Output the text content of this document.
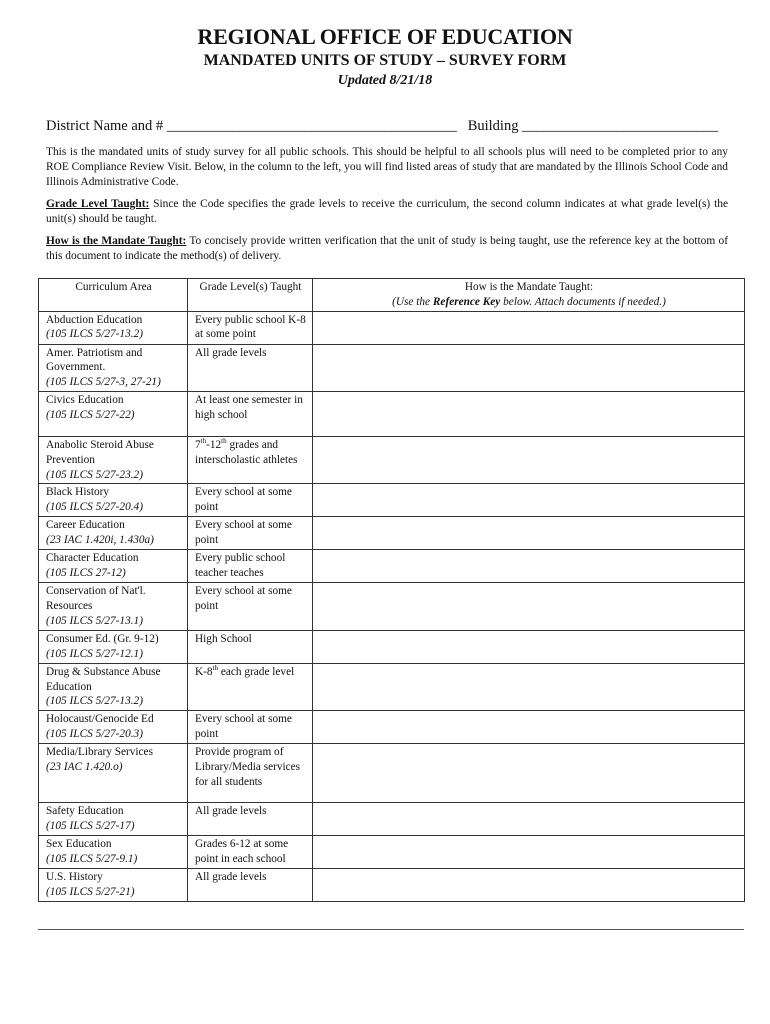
REGIONAL OFFICE OF EDUCATION
MANDATED UNITS OF STUDY – SURVEY FORM
Updated 8/21/18
District Name and # ________________________________________ Building ___________________________

This is the mandated units of study survey for all public schools. This should be helpful to all schools plus will need to be completed prior to any ROE Compliance Review Visit. Below, in the column to the left, you will find listed areas of study that are mandated by the Illinois School Code and Illinois Administrative Code.

Grade Level Taught: Since the Code specifies the grade levels to receive the curriculum, the second column indicates at what grade level(s) the unit(s) should be taught.

How is the Mandate Taught: To concisely provide written verification that the unit of study is being taught, use the reference key at the bottom of this document to indicate the method(s) of delivery.

Curriculum Area	Grade Level(s) Taught	How is the Mandate Taught:
(Use the Reference Key below. Attach documents if needed.)

Abduction Education
(105 ILCS 5/27-13.2)	Every public school K-8 at some point	

Amer. Patriotism and Government.
(105 ILCS 5/27-3, 27-21)	All grade levels	

Civics Education
(105 ILCS 5/27-22)	At least one semester in high school	

Anabolic Steroid Abuse Prevention
(105 ILCS 5/27-23.2)	7th-12th grades and interscholastic athletes	

Black History
(105 ILCS 5/27-20.4)	Every school at some point	

Career Education
(23 IAC 1.420i, 1.430a)	Every school at some point	

Character Education
(105 ILCS 27-12)	Every public school teacher teaches	

Conservation of Nat'l. Resources
(105 ILCS 5/27-13.1)	Every school at some point	

Consumer Ed. (Gr. 9-12)
(105 ILCS 5/27-12.1)	High School	

Drug & Substance Abuse Education
(105 ILCS 5/27-13.2)	K-8th each grade level	

Holocaust/Genocide Ed
(105 ILCS 5/27-20.3)	Every school at some point	

Media/Library Services
(23 IAC 1.420.o)	Provide program of Library/Media services for all students	

Safety Education
(105 ILCS 5/27-17)	All grade levels	

Sex Education
(105 ILCS 5/27-9.1)	Grades 6-12 at some point in each school	

U.S. History
(105 ILCS 5/27-21)	All grade levels	
